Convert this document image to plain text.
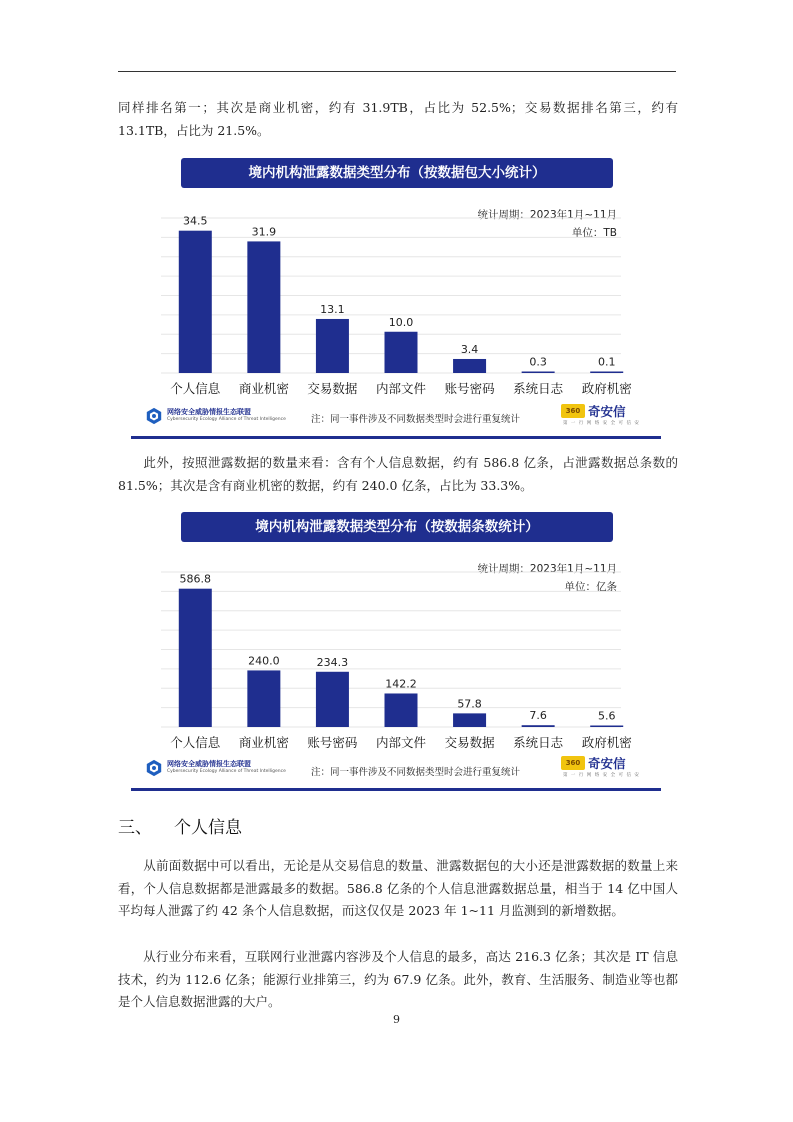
同样排名第一；其次是商业机密，约有 31.9TB，占比为 52.5%；交易数据排名第三，约有 13.1TB，占比为 21.5%。

境内机构泄露数据类型分布（按数据包大小统计）
统计周期：2023年1月~11月
单位：TB
34.5
个人信息
31.9
商业机密
13.1
交易数据
10.0
内部文件
3.4
账号密码
0.3
系统日志
0.1
政府机密
网络安全威胁情报生态联盟
Cybersecurity Ecology Alliance of Threat Intelligence	注：同一事件涉及不同数据类型时会进行重复统计
360 奇安信
第 一 行 网 络 安 全 可 信 安

此外，按照泄露数据的数量来看：含有个人信息数据，约有 586.8 亿条，占泄露数据总条数的 81.5%；其次是含有商业机密的数据，约有 240.0 亿条，占比为 33.3%。

境内机构泄露数据类型分布（按数据条数统计）
统计周期：2023年1月~11月
单位：亿条
586.8
个人信息
240.0
商业机密
234.3
账号密码
142.2
内部文件
57.8
交易数据
7.6
系统日志
5.6
政府机密
网络安全威胁情报生态联盟
Cybersecurity Ecology Alliance of Threat Intelligence	注：同一事件涉及不同数据类型时会进行重复统计
360 奇安信
第 一 行 网 络 安 全 可 信 安
三、 个人信息

从前面数据中可以看出，无论是从交易信息的数量、泄露数据包的大小还是泄露数据的数量上来看，个人信息数据都是泄露最多的数据。586.8 亿条的个人信息泄露数据总量，相当于 14 亿中国人平均每人泄露了约 42 条个人信息数据，而这仅仅是 2023 年 1~11 月监测到的新增数据。

从行业分布来看，互联网行业泄露内容涉及个人信息的最多，高达 216.3 亿条；其次是 IT 信息技术，约为 112.6 亿条；能源行业排第三，约为 67.9 亿条。此外，教育、生活服务、制造业等也都是个人信息数据泄露的大户。

9
